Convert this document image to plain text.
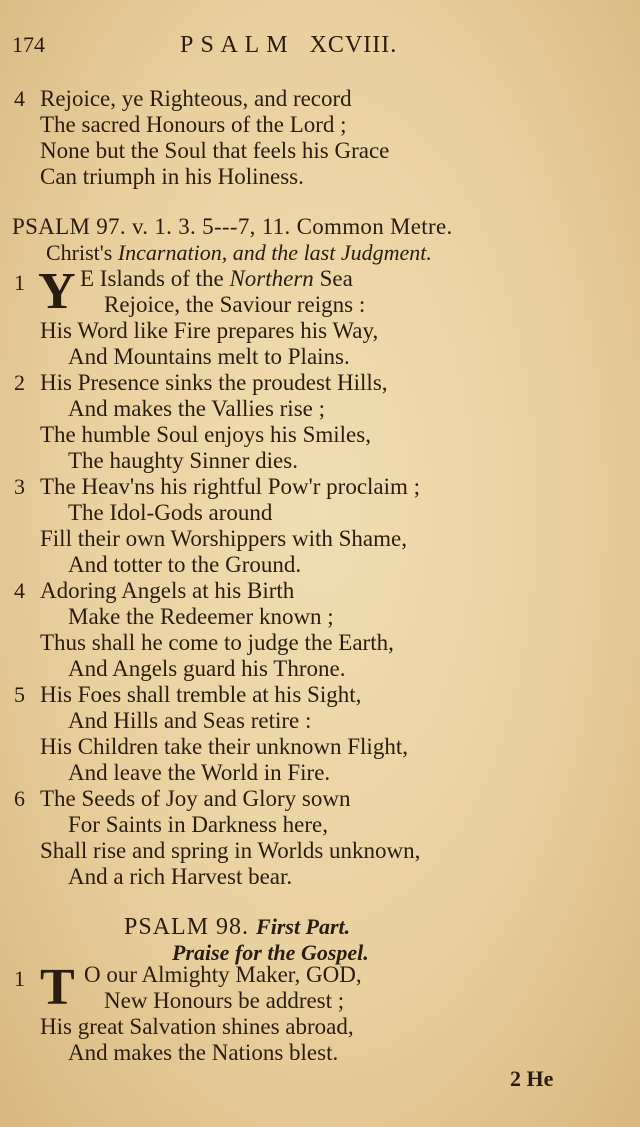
174	P S A L M   XCVIII.
4 Rejoice, ye Righteous, and record
The sacred Honours of the Lord ;
None but the Soul that feels his Grace
Can triumph in his Holiness.
PSALM 97. v. 1. 3. 5---7, 11. Common Metre.
Christ's Incarnation, and the last Judgment.
1 Y E Islands of the Northern Sea
Rejoice, the Saviour reigns :
His Word like Fire prepares his Way,
And Mountains melt to Plains.
2 His Presence sinks the proudest Hills,
And makes the Vallies rise ;
The humble Soul enjoys his Smiles,
The haughty Sinner dies.
3 The Heav'ns his rightful Pow'r proclaim ;
The Idol-Gods around
Fill their own Worshippers with Shame,
And totter to the Ground.
4 Adoring Angels at his Birth
Make the Redeemer known ;
Thus shall he come to judge the Earth,
And Angels guard his Throne.
5 His Foes shall tremble at his Sight,
And Hills and Seas retire :
His Children take their unknown Flight,
And leave the World in Fire.
6 The Seeds of Joy and Glory sown
For Saints in Darkness here,
Shall rise and spring in Worlds unknown,
And a rich Harvest bear.
PSALM 98. First Part.
Praise for the Gospel.
1 T O our Almighty Maker, GOD,
New Honours be addrest ;
His great Salvation shines abroad,
And makes the Nations blest.
2 He
